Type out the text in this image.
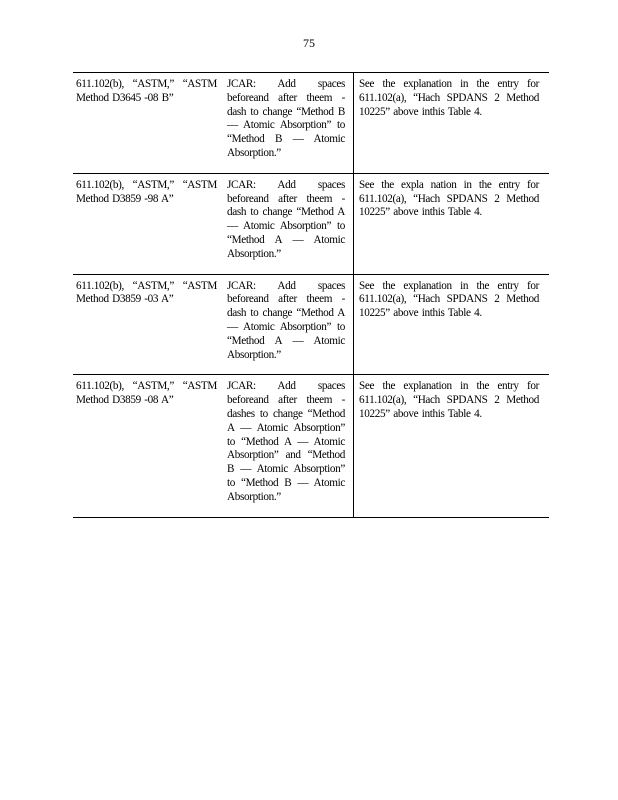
75
611.102(b), “ASTM,” “ASTM Method D3645 -08 B”	JCAR: Add spaces beforeand after theem - dash to change “Method B — Atomic Absorption” to “Method B — Atomic Absorption.”	See the explanation in the entry for 611.102(a), “Hach SPDANS 2 Method 10225” above inthis Table 4.

611.102(b), “ASTM,” “ASTM Method D3859 -98 A”	JCAR: Add spaces beforeand after theem - dash to change “Method A — Atomic Absorption” to “Method A — Atomic Absorption.”	See the expla nation in the entry for 611.102(a), “Hach SPDANS 2 Method 10225” above inthis Table 4.

611.102(b), “ASTM,” “ASTM Method D3859 -03 A”	JCAR: Add spaces beforeand after theem - dash to change “Method A — Atomic Absorption” to “Method A — Atomic Absorption.”	See the explanation in the entry for 611.102(a), “Hach SPDANS 2 Method 10225” above inthis Table 4.

611.102(b), “ASTM,” “ASTM Method D3859 -08 A”	JCAR: Add spaces beforeand after theem - dashes to change “Method A — Atomic Absorption” to “Method A — Atomic Absorption” and “Method B — Atomic Absorption” to “Method B — Atomic Absorption.”	See the explanation in the entry for 611.102(a), “Hach SPDANS 2 Method 10225” above inthis Table 4.
